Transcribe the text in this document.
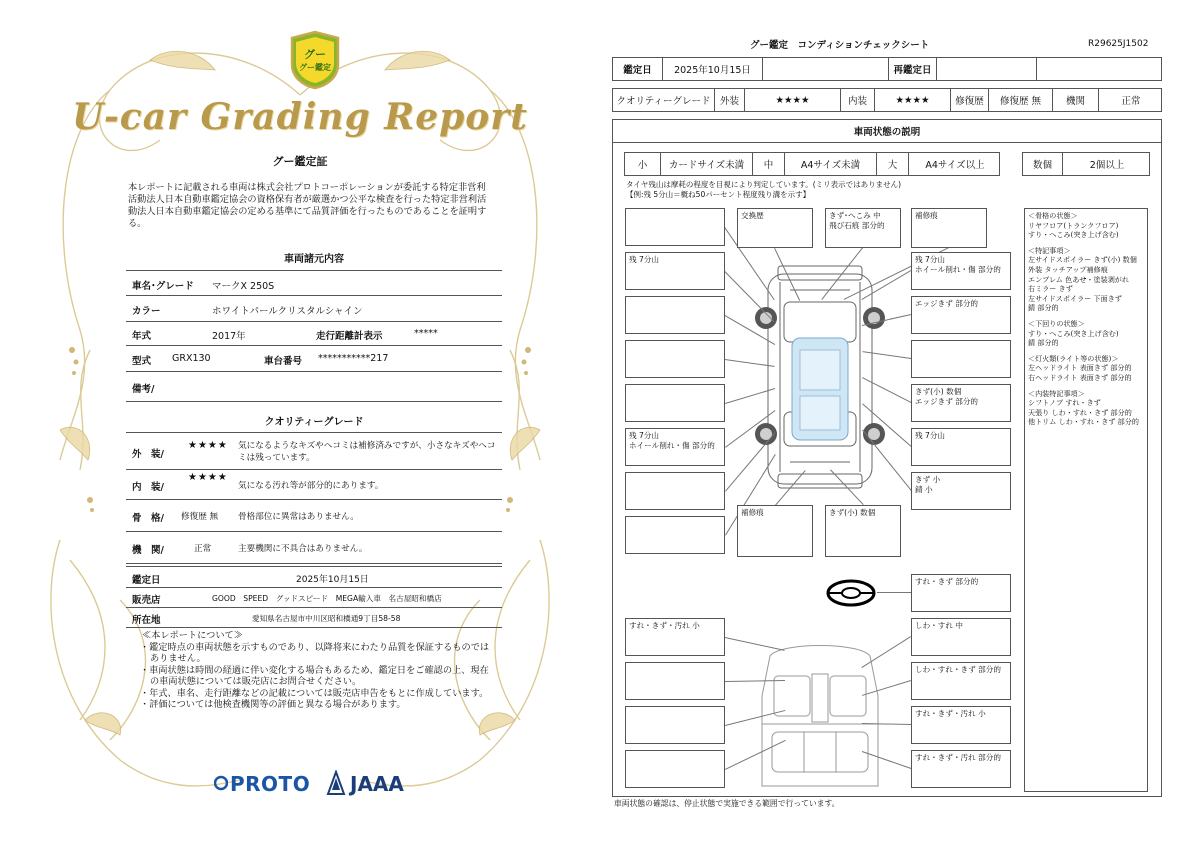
グー
グー鑑定
U-car Grading Report
グー鑑定証
本レポートに記載される車両は株式会社プロトコーポレーションが委託する特定非営利活動法人日本自動車鑑定協会の資格保有者が厳選かつ公平な検査を行った特定非営利活動法人日本自動車鑑定協会の定める基準にて品質評価を行ったものであることを証明する。
車両諸元内容
車名･グレード マークX 250S
カラー	ホワイトパールクリスタルシャイン
年式	2017年	走行距離計表示	*****
型式 GRX130	車台番号 ***********217
備考/
クオリティーグレード
外　装/
★★★★ 気になるようなキズやヘコミは補修済みですが、小さなキズやヘコミは残っています。
内　装/
★★★★
気になる汚れ等が部分的にあります。
骨　格/ 修復歴 無 骨格部位に異常はありません。
機　関/	正常	主要機関に不具合はありません。
鑑定日	2025年10月15日
販売店	GOOD　SPEED　グッドスピード　MEGA輸入車　名古屋昭和橋店
所在地	愛知県名古屋市中川区昭和橋通9丁目58-58
≪本レポートについて≫
・鑑定時点の車両状態を示すものであり、以降将来にわたり品質を保証するものではありません。
・車両状態は時間の経過に伴い変化する場合もあるため、鑑定日をご確認の上、現在の車両状態については販売店にお問合せください。
・年式、車名、走行距離などの記載については販売店申告をもとに作成しています。
・評価については他検査機関等の評価と異なる場合があります。
PROTO JAAA
グー鑑定　コンディションチェックシート	R29625J1502
鑑定日	2025年10月15日	再鑑定日
クオリティーグレード 外装	★★★★	内装	★★★★	修復歴	修復歴 無	機関	正常
車両状態の説明
小	カードサイズ未満	中	A4サイズ未満	大	A4サイズ以上	数個	2個以上
タイヤ残山は摩耗の程度を目視により判定しています。(ミリ表示ではありません)
【例:残 5分山＝概ね50パーセント程度残り溝を示す】
＜骨格の状態＞
リヤフロア(トランクフロア)
すり・へこみ(突き上げ含む)
＜特記事項＞
左サイドスポイラー きず(小) 数個
外装 タッチアップ補修痕
エンブレム 色あせ・塗装剥がれ
右ミラー きず
左サイドスポイラー 下面きず
錆 部分的
＜下回りの状態＞
すり・へこみ(突き上げ含む)
錆 部分的
＜灯火類(ライト等の状態)＞
左ヘッドライト 表面きず 部分的
右ヘッドライト 表面きず 部分的
＜内装特記事項＞
シフトノブ すれ・きず
天張り しわ・すれ・きず 部分的
他トリム しわ・すれ・きず 部分的
残 7分山
残 7分山
ホイール削れ・傷 部分的
交換歴	きず･へこみ 中
飛び石痕 部分的
補修痕
残 7分山
ホイール削れ・傷 部分的
エッジきず 部分的
きず(小) 数個
エッジきず 部分的
残 7分山
きず 小
錆 小
補修痕	きず(小) 数個
すれ・きず・汚れ 小
すれ・きず 部分的
しわ・すれ 中
しわ・すれ・きず 部分的
すれ・きず・汚れ 小
すれ・きず・汚れ 部分的
車両状態の確認は、停止状態で実施できる範囲で行っています。
